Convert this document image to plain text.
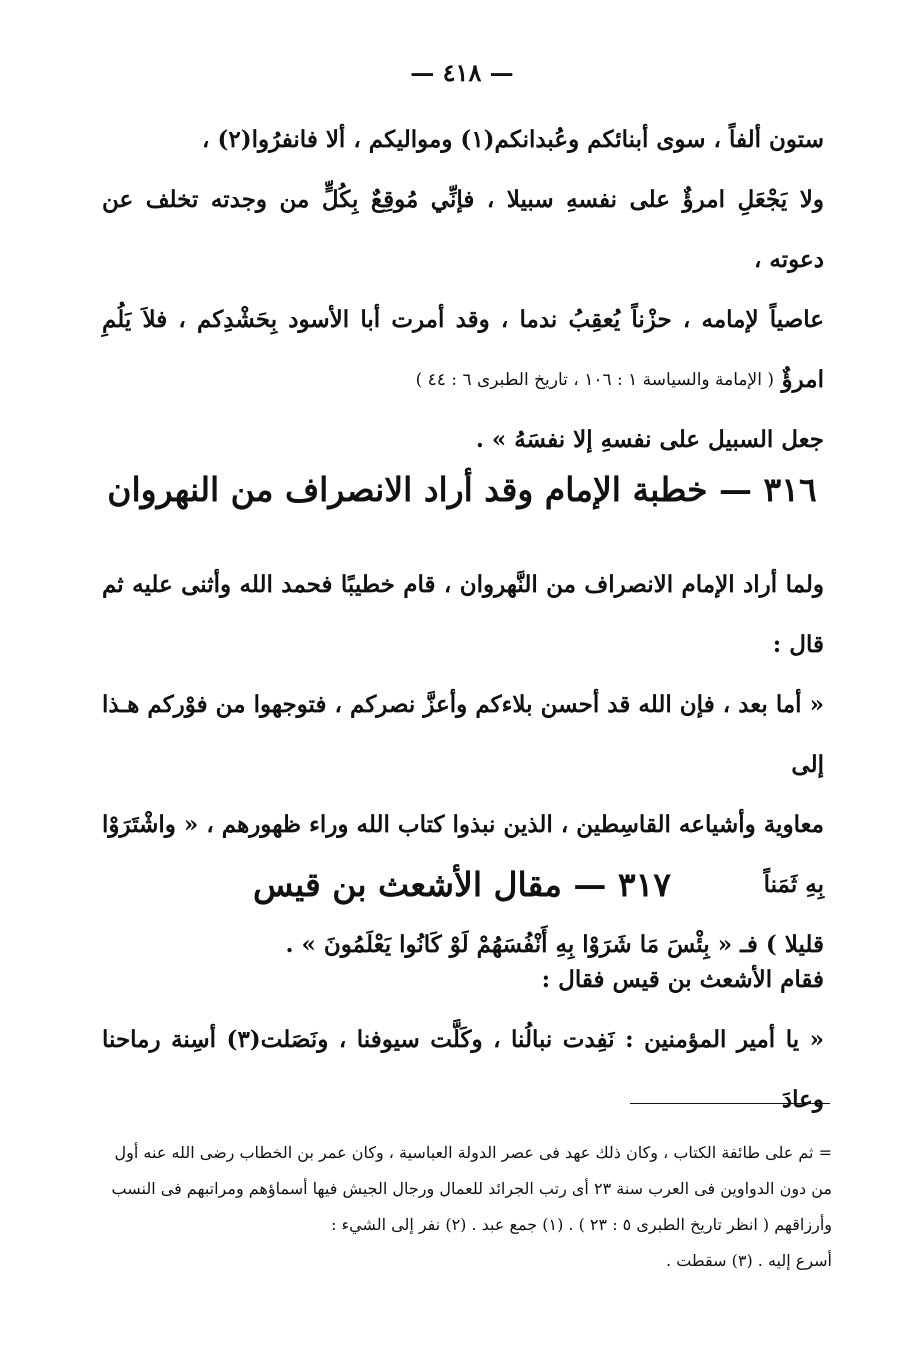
— ٤١٨ —
ستون ألفاً ، سوى أبنائكم وعُبدانكم(١) ومواليكم ، ألا فانفرُوا(٢) ،
ولا يَجْعَلِ امرؤٌ على نفسهِ سبيلا ، فإنِّي مُوقِعٌ بِكُلٍّ من وجدته تخلف عن دعوته ،
عاصياً لإمامه ، حزْناً يُعقِبُ ندما ، وقد أمرت أبا الأسود بِحَشْدِكم ، فلاَ يَلُمِ امرؤٌ
جعل السبيل على نفسهِ إلا نفسَهُ » .
( الإمامة والسياسة ١ : ١٠٦ ، تاريخ الطبرى ٦ : ٤٤ )
٣١٦ — خطبة الإمام وقد أراد الانصراف من النهروان
ولما أراد الإمام الانصراف من النَّهروان ، قام خطيبًا فحمد الله وأثنى عليه ثم قال :
« أما بعد ، فإن الله قد أحسن بلاءكم وأعزَّ نصركم ، فتوجهوا من فوْركم هـذا إلى
معاوية وأشياعه القاسِطين ، الذين نبذوا كتاب الله وراء ظهورهم ، « واشْتَرَوْا بِهِ ثَمَناً
قليلا ) فـ « بِئْسَ مَا شَرَوْا بِهِ أَنْفُسَهُمْ لَوْ كَانُوا يَعْلَمُونَ » .
٣١٧ — مقال الأشعث بن قيس
فقام الأشعث بن قيس فقال :
« يا أمير المؤمنين : نَفِدت نبالُنا ، وكَلَّت سيوفنا ، ونَصَلت(٣) أسِنة رماحنا وعادَ

= ثم على طائفة الكتاب ، وكان ذلك عهد فى عصر الدولة العباسية ، وكان عمر بن الخطاب رضى الله عنه أول

من دون الدواوين فى العرب سنة ٢٣ أى رتب الجرائد للعمال ورجال الجيش فيها أسماؤهم ومراتبهم فى النسب

وأرزاقهم ( انظر تاريخ الطبرى ٥ : ٢٣ ) . (١) جمع عبد . (٢) نفر إلى الشيء :

أسرع إليه . (٣) سقطت .
